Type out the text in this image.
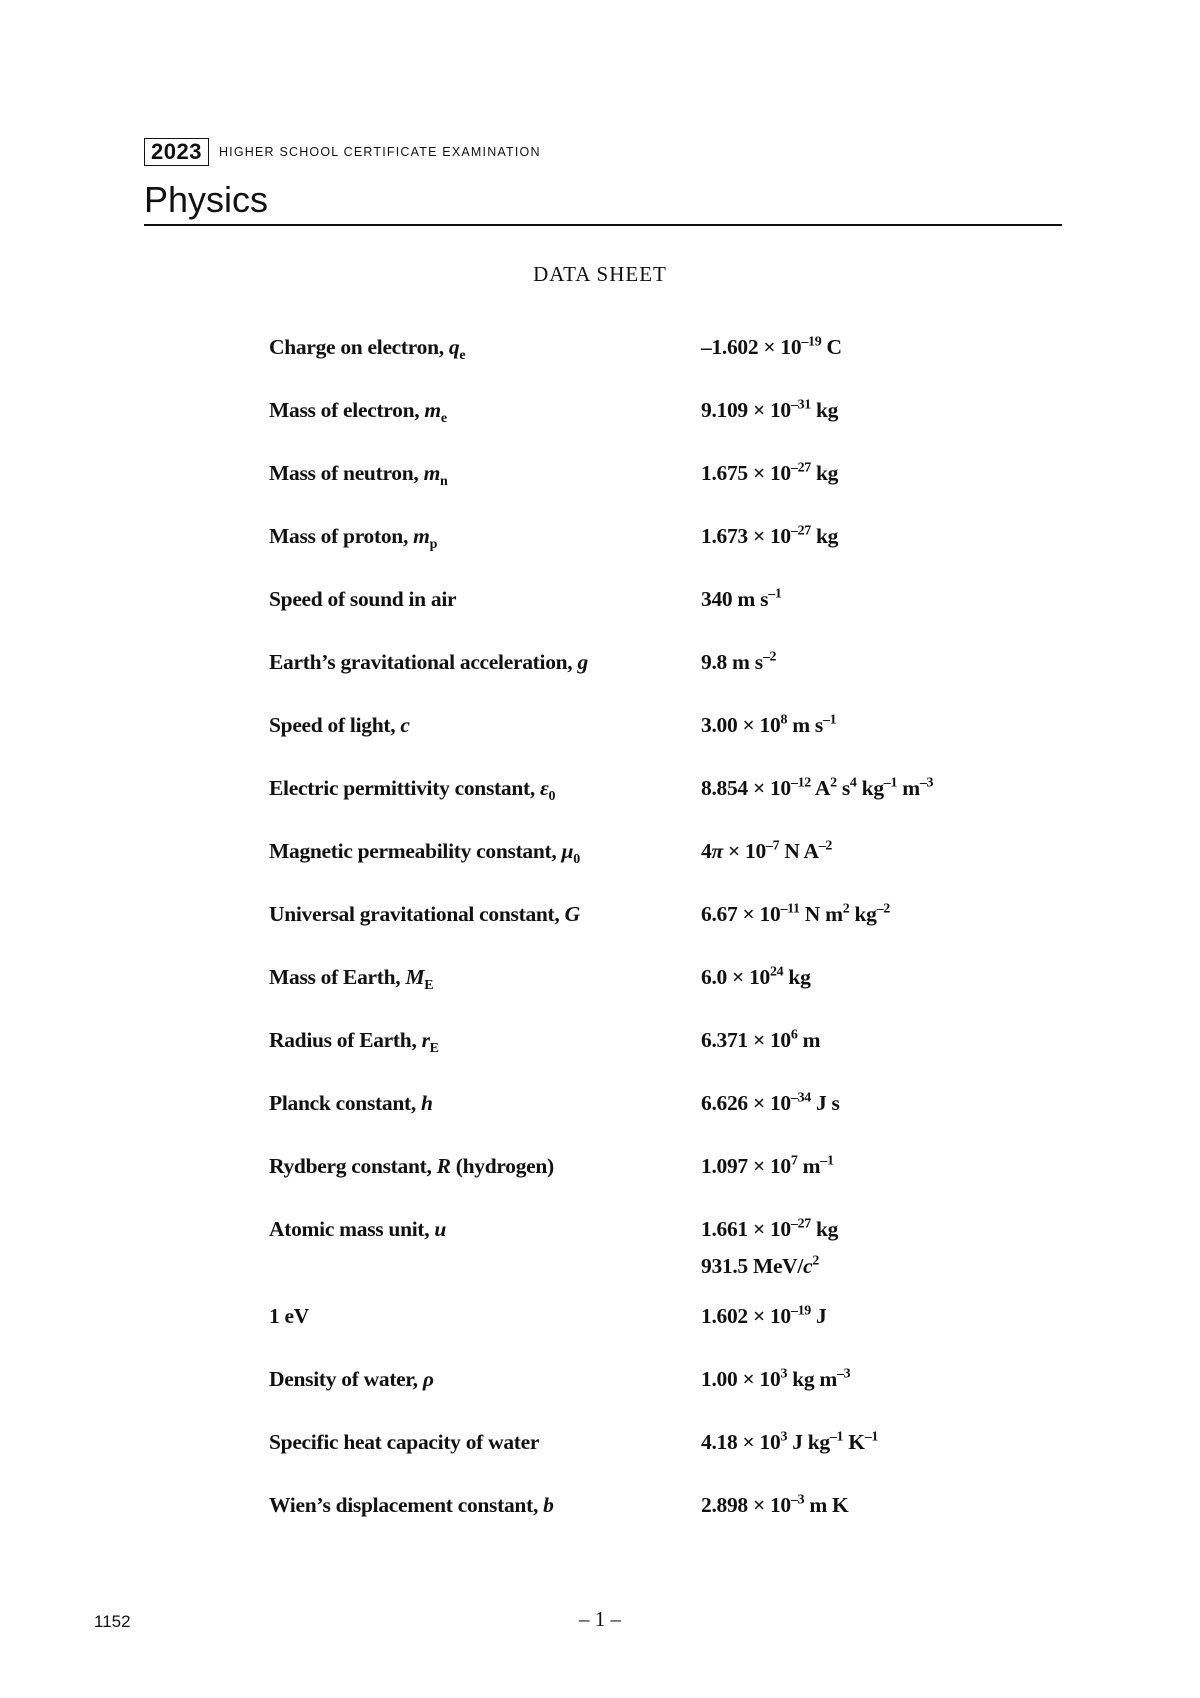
2023	HIGHER SCHOOL CERTIFICATE EXAMINATION
Physics
DATA SHEET
Charge on electron, $q_e$	$-1.602 \times 10^{-19}$ C
Mass of electron, $m_e$	$9.109 \times 10^{-31}$ kg
Mass of neutron, $m_n$	$1.675 \times 10^{-27}$ kg
Mass of proton, $m_p$	$1.673 \times 10^{-27}$ kg
Speed of sound in air	340 m $s^{-1}$
Earth’s gravitational acceleration, g	9.8 m $s^{-2}$
Speed of light, c	$3.00 \times 10^8$ m $s^{-1}$
Electric permittivity constant, $\varepsilon_0$	$8.854 \times 10^{-12}$ $A^2$ $s^4$ $kg^{-1}$ $m^{-3}$
Magnetic permeability constant, $\mu_0$	$4\pi \times 10^{-7}$ N $A^{-2}$
Universal gravitational constant, G	$6.67 \times 10^{-11}$ N $m^2$ $kg^{-2}$
Mass of Earth, $M_E$	$6.0 \times 10^{24}$ kg
Radius of Earth, $r_E$	$6.371 \times 10^6$ m
Planck constant, h	$6.626 \times 10^{-34}$ J s
Rydberg constant, R (hydrogen)	$1.097 \times 10^7$ $m^{-1}$
Atomic mass unit, u	$1.661 \times 10^{-27}$ kg
931.5 MeV/$c^2$
1 eV	$1.602 \times 10^{-19}$ J
Density of water, ρ	$1.00 \times 10^3$ kg $m^{-3}$
Specific heat capacity of water	$4.18 \times 10^3$ J $kg^{-1}$ $K^{-1}$
Wien’s displacement constant, b	$2.898 \times 10^{-3}$ m K
1152	– 1 –
